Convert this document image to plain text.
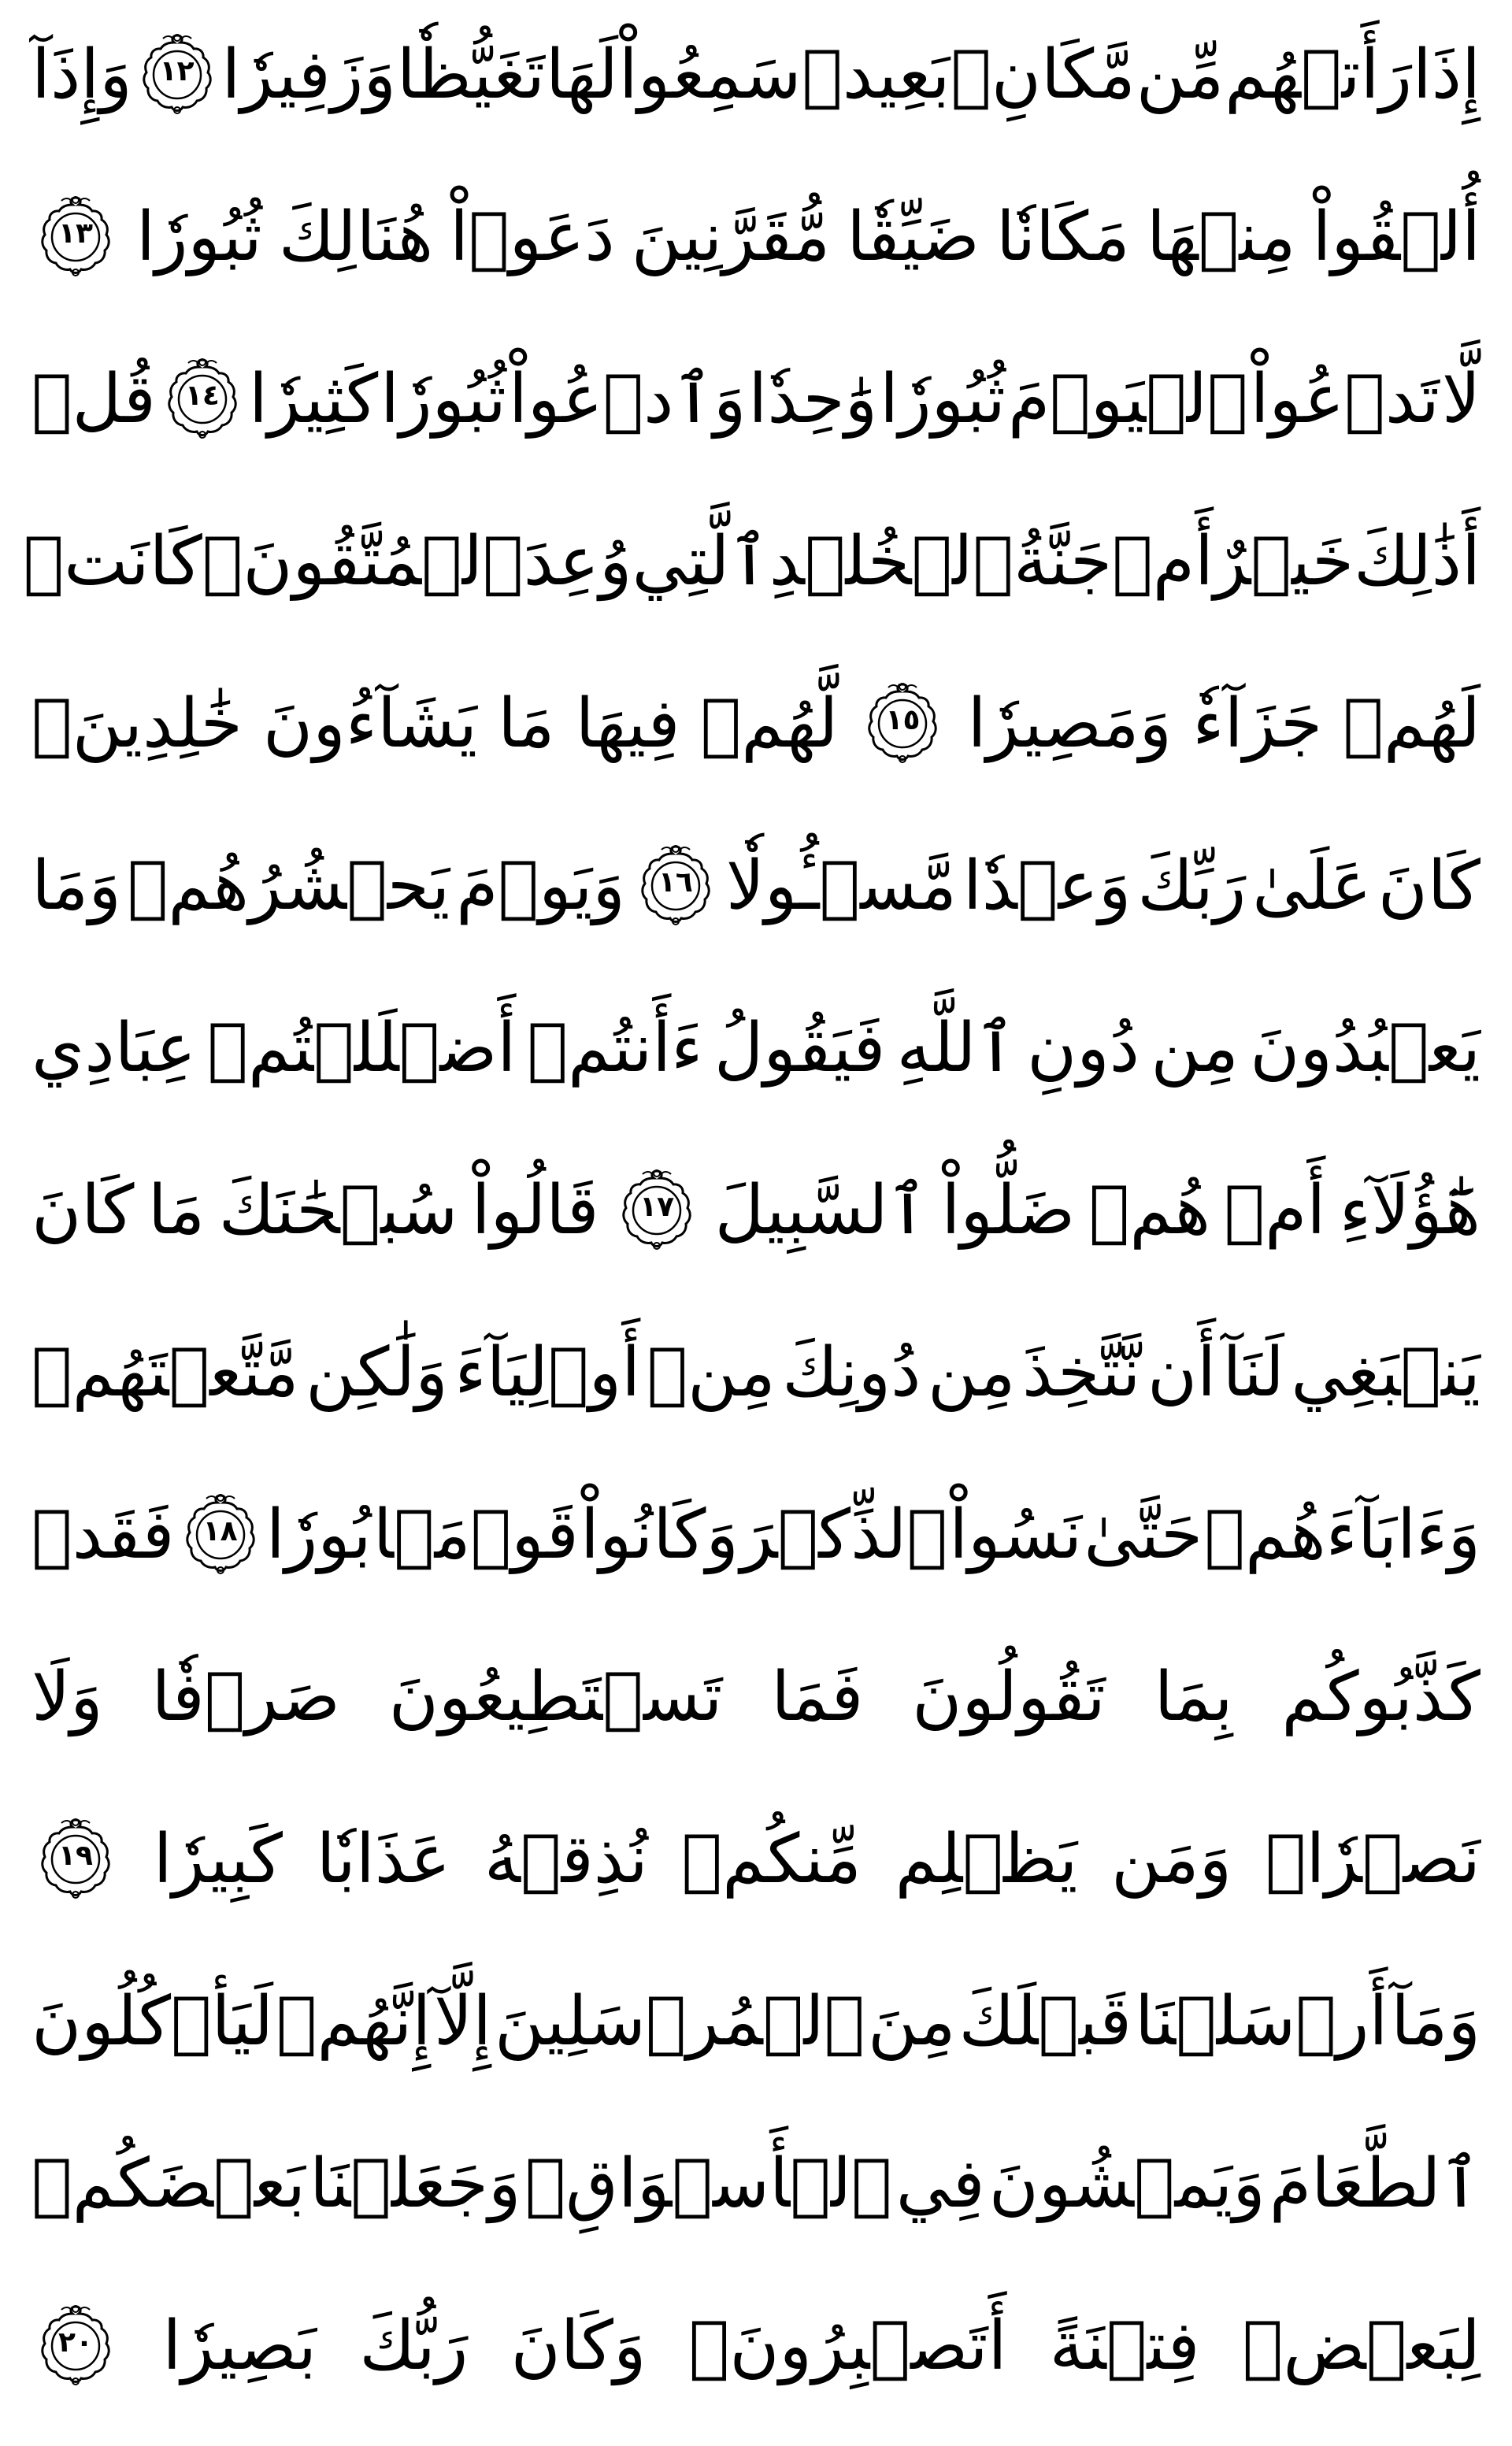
إِذَا
رَأَتۡهُم
مِّن
مَّكَانِۭ
بَعِيدٖ
سَمِعُواْ
لَهَا
تَغَيُّظٗا
وَزَفِيرٗا
١٢
وَإِذَآ
أُلۡقُواْ
مِنۡهَا
مَكَانٗا
ضَيِّقٗا
مُّقَرَّنِينَ
دَعَوۡاْ
هُنَالِكَ
ثُبُورٗا
١٣
لَّا
تَدۡعُواْ
ٱلۡيَوۡمَ
ثُبُورٗا
وَٰحِدٗا
وَٱدۡعُواْ
ثُبُورٗا
كَثِيرٗا
١٤
قُلۡ
أَذَٰلِكَ
خَيۡرٌ
أَمۡ
جَنَّةُ
ٱلۡخُلۡدِ
ٱلَّتِي
وُعِدَ
ٱلۡمُتَّقُونَۚ
كَانَتۡ
لَهُمۡ
جَزَآءٗ
وَمَصِيرٗا
١٥
لَّهُمۡ
فِيهَا
مَا
يَشَآءُونَ
خَٰلِدِينَۚ
كَانَ
عَلَىٰ
رَبِّكَ
وَعۡدٗا
مَّسۡـُٔولٗا
١٦
وَيَوۡمَ
يَحۡشُرُهُمۡ
وَمَا
يَعۡبُدُونَ
مِن
دُونِ
ٱللَّهِ
فَيَقُولُ
ءَأَنتُمۡ
أَضۡلَلۡتُمۡ
عِبَادِي
هَٰٓؤُلَآءِ
أَمۡ
هُمۡ
ضَلُّواْ
ٱلسَّبِيلَ
١٧
قَالُواْ
سُبۡحَٰنَكَ
مَا
كَانَ
يَنۢبَغِي
لَنَآ
أَن
نَّتَّخِذَ
مِن
دُونِكَ
مِنۡ
أَوۡلِيَآءَ
وَلَٰكِن
مَّتَّعۡتَهُمۡ
وَءَابَآءَهُمۡ
حَتَّىٰ
نَسُواْ
ٱلذِّكۡرَ
وَكَانُواْ
قَوۡمَۢا
بُورٗا
١٨
فَقَدۡ
كَذَّبُوكُم
بِمَا
تَقُولُونَ
فَمَا
تَسۡتَطِيعُونَ
صَرۡفٗا
وَلَا
نَصۡرٗاۚ
وَمَن
يَظۡلِم
مِّنكُمۡ
نُذِقۡهُ
عَذَابٗا
كَبِيرٗا
١٩
وَمَآ
أَرۡسَلۡنَا
قَبۡلَكَ
مِنَ
ٱلۡمُرۡسَلِينَ
إِلَّآ
إِنَّهُمۡ
لَيَأۡكُلُونَ
ٱلطَّعَامَ
وَيَمۡشُونَ
فِي
ٱلۡأَسۡوَاقِۗ
وَجَعَلۡنَا
بَعۡضَكُمۡ
لِبَعۡضٖ
فِتۡنَةً
أَتَصۡبِرُونَۗ
وَكَانَ
رَبُّكَ
بَصِيرٗا
٢٠
